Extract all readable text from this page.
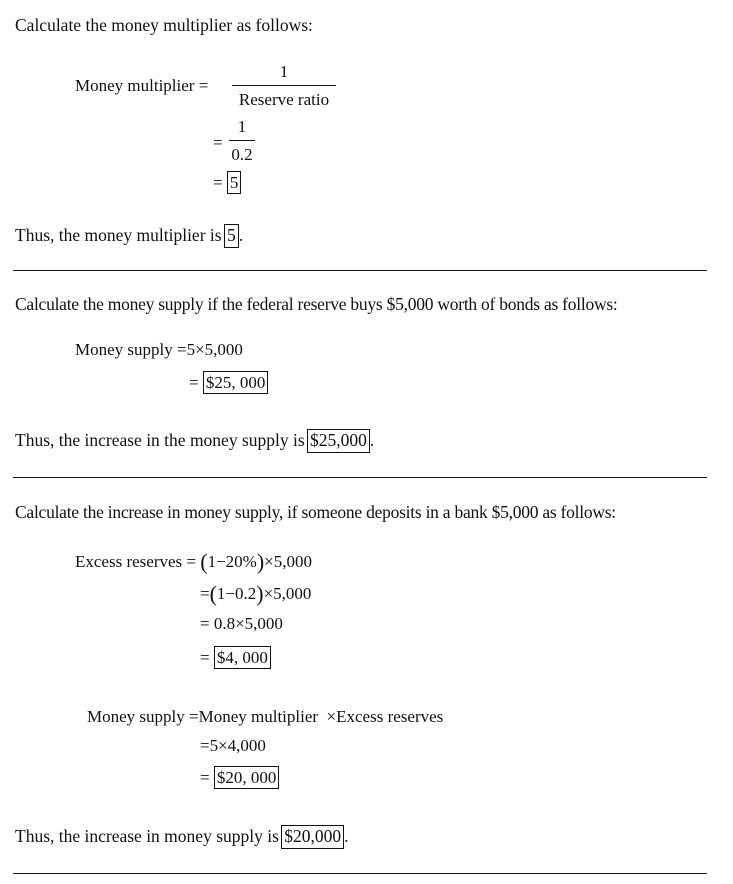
Calculate the money multiplier as follows:
Money multiplier =
1
Reserve ratio
=
1
0.2
= 5
Thus, the money multiplier is 5 .
Calculate the money supply if the federal reserve buys $5,000 worth of bonds as follows:
Money supply =5×5,000
= $25, 000
Thus, the increase in the money supply is $25,000 .
Calculate the increase in money supply, if someone deposits in a bank $5,000 as follows:
Excess reserves = (1−20%)×5,000
=(1−0.2)×5,000
= 0.8×5,000
= $4, 000
Money supply =Money multiplier  ×Excess reserves
=5×4,000
= $20, 000
Thus, the increase in money supply is $20,000 .
